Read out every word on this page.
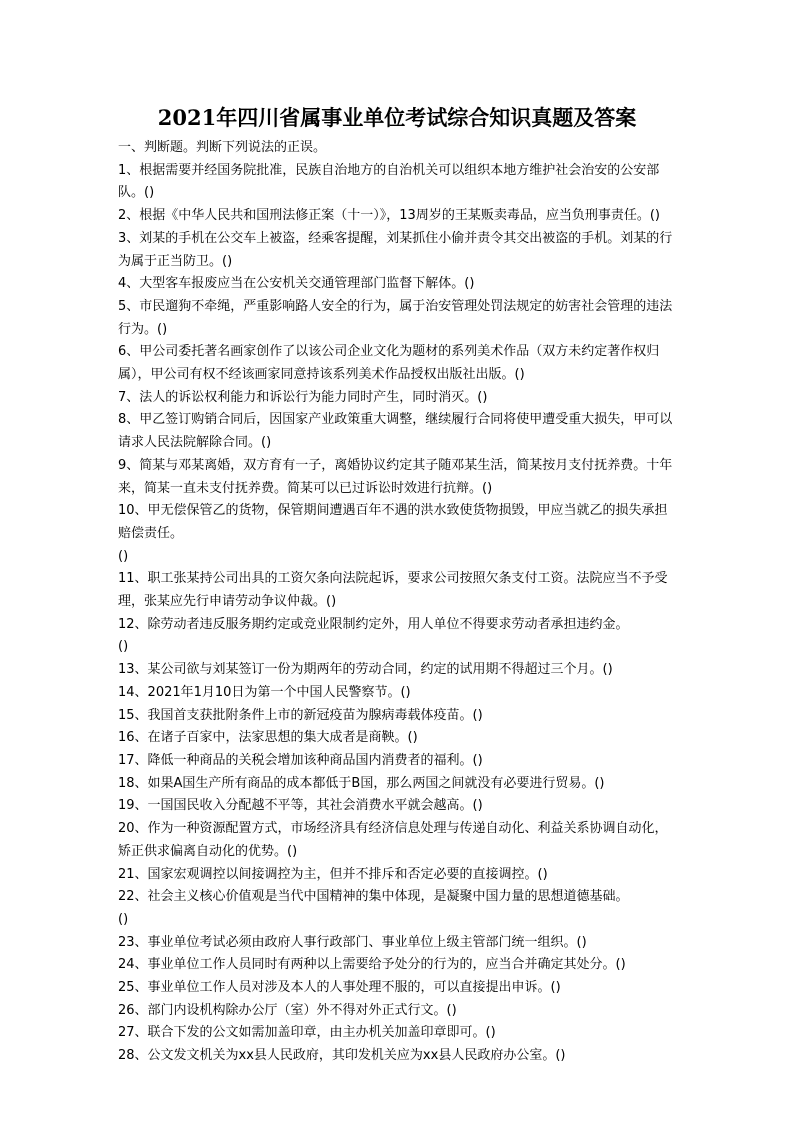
2021年四川省属事业单位考试综合知识真题及答案

一、判断题。判断下列说法的正误。

1、根据需要并经国务院批准，民族自治地方的自治机关可以组织本地方维护社会治安的公安部队。()

2、根据《中华人民共和国刑法修正案（十一）》，13周岁的王某贩卖毒品，应当负刑事责任。()

3、刘某的手机在公交车上被盗，经乘客提醒，刘某抓住小偷并责令其交出被盗的手机。刘某的行为属于正当防卫。()

4、大型客车报废应当在公安机关交通管理部门监督下解体。()

5、市民遛狗不牵绳，严重影响路人安全的行为，属于治安管理处罚法规定的妨害社会管理的违法行为。()

6、甲公司委托著名画家创作了以该公司企业文化为题材的系列美术作品（双方未约定著作权归属），甲公司有权不经该画家同意持该系列美术作品授权出版社出版。()

7、法人的诉讼权利能力和诉讼行为能力同时产生，同时消灭。()

8、甲乙签订购销合同后，因国家产业政策重大调整，继续履行合同将使甲遭受重大损失，甲可以请求人民法院解除合同。()

9、简某与邓某离婚，双方育有一子，离婚协议约定其子随邓某生活，简某按月支付抚养费。十年来，简某一直未支付抚养费。简某可以已过诉讼时效进行抗辩。()

10、甲无偿保管乙的货物，保管期间遭遇百年不遇的洪水致使货物损毁，甲应当就乙的损失承担赔偿责任。
()

11、职工张某持公司出具的工资欠条向法院起诉，要求公司按照欠条支付工资。法院应当不予受理，张某应先行申请劳动争议仲裁。()

12、除劳动者违反服务期约定或竞业限制约定外，用人单位不得要求劳动者承担违约金。
()

13、某公司欲与刘某签订一份为期两年的劳动合同，约定的试用期不得超过三个月。()

14、2021年1月10日为第一个中国人民警察节。()

15、我国首支获批附条件上市的新冠疫苗为腺病毒载体疫苗。()

16、在诸子百家中，法家思想的集大成者是商鞅。()

17、降低一种商品的关税会增加该种商品国内消费者的福利。()

18、如果A国生产所有商品的成本都低于B国，那么两国之间就没有必要进行贸易。()

19、一国国民收入分配越不平等，其社会消费水平就会越高。()

20、作为一种资源配置方式，市场经济具有经济信息处理与传递自动化、利益关系协调自动化，矫正供求偏离自动化的优势。()

21、国家宏观调控以间接调控为主，但并不排斥和否定必要的直接调控。()

22、社会主义核心价值观是当代中国精神的集中体现，是凝聚中国力量的思想道德基础。
()

23、事业单位考试必须由政府人事行政部门、事业单位上级主管部门统一组织。()

24、事业单位工作人员同时有两种以上需要给予处分的行为的，应当合并确定其处分。()

25、事业单位工作人员对涉及本人的人事处理不服的，可以直接提出申诉。()

26、部门内设机构除办公厅（室）外不得对外正式行文。()

27、联合下发的公文如需加盖印章，由主办机关加盖印章即可。()

28、公文发文机关为xx县人民政府，其印发机关应为xx县人民政府办公室。()
